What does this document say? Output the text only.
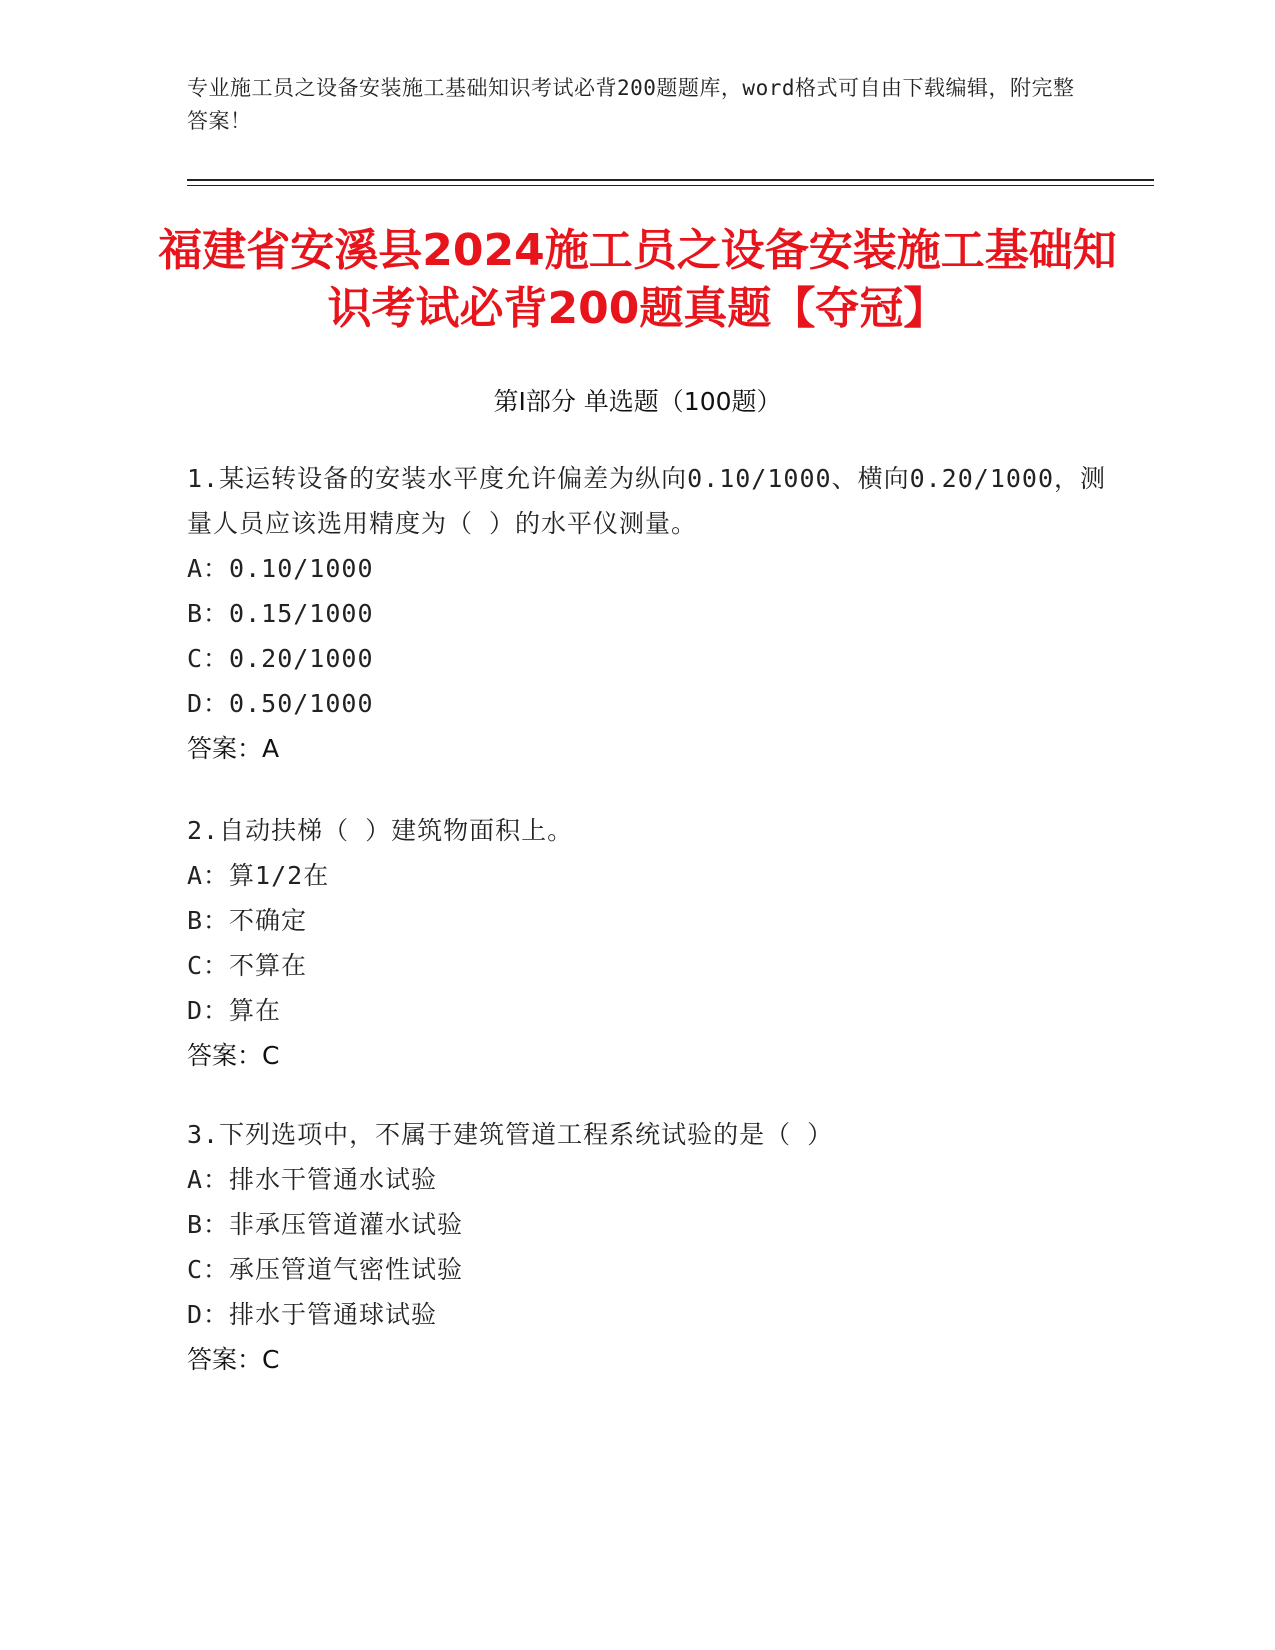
专业施工员之设备安装施工基础知识考试必背200题题库，word格式可自由下载编辑，附完整答案！
福建省安溪县2024施工员之设备安装施工基础知识考试必背200题真题【夺冠】
第Ⅰ部分 单选题（100题）
1.某运转设备的安装水平度允许偏差为纵向0.10/1000、横向0.20/1000，测量人员应该选用精度为（ ）的水平仪测量。
A：0.10/1000
B：0.15/1000
C：0.20/1000
D：0.50/1000
答案：A
2.自动扶梯（ ）建筑物面积上。
A：算1/2在
B：不确定
C：不算在
D：算在
答案：C
3.下列选项中，不属于建筑管道工程系统试验的是（ ）
A：排水干管通水试验
B：非承压管道灌水试验
C：承压管道气密性试验
D：排水于管通球试验
答案：C
